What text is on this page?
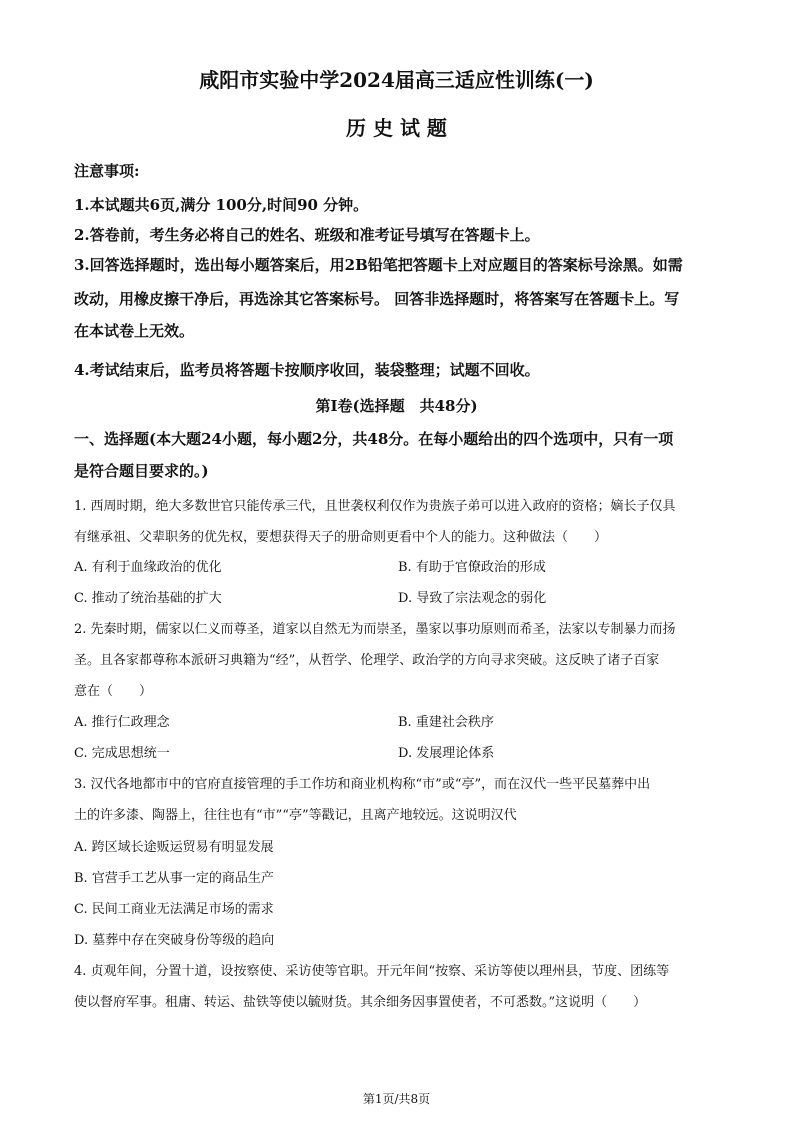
咸阳市实验中学2024届高三适应性训练(一)
历 史 试 题
注意事项:
1.本试题共6页,满分 100分,时间90 分钟。
2.答卷前，考生务必将自己的姓名、班级和准考证号填写在答题卡上。
3.回答选择题时，选出每小题答案后，用2B铅笔把答题卡上对应题目的答案标号涂黑。如需
改动，用橡皮擦干净后，再选涂其它答案标号。 回答非选择题时，将答案写在答题卡上。写
在本试卷上无效。
4.考试结束后，监考员将答题卡按顺序收回，装袋整理；试题不回收。
第Ⅰ卷(选择题　共48分)
一、选择题(本大题24小题，每小题2分，共48分。在每小题给出的四个选项中，只有一项
是符合题目要求的。)
1. 西周时期，绝大多数世官只能传承三代，且世袭权利仅作为贵族子弟可以进入政府的资格；嫡长子仅具
有继承祖、父辈职务的优先权，要想获得天子的册命则更看中个人的能力。这种做法（　　）
A. 有利于血缘政治的优化	B. 有助于官僚政治的形成
C. 推动了统治基础的扩大	D. 导致了宗法观念的弱化
2. 先秦时期，儒家以仁义而尊圣，道家以自然无为而崇圣，墨家以事功原则而希圣，法家以专制暴力而扬
圣。且各家都尊称本派研习典籍为“经”，从哲学、伦理学、政治学的方向寻求突破。这反映了诸子百家
意在（　　）
A. 推行仁政理念	B. 重建社会秩序
C. 完成思想统一	D. 发展理论体系
3. 汉代各地都市中的官府直接管理的手工作坊和商业机构称“市”或“亭”，而在汉代一些平民墓葬中出
土的许多漆、陶器上，往往也有“市”“亭”等戳记，且离产地较远。这说明汉代
A. 跨区域长途贩运贸易有明显发展
B. 官营手工艺从事一定的商品生产
C. 民间工商业无法满足市场的需求
D. 墓葬中存在突破身份等级的趋向
4. 贞观年间，分置十道，设按察使、采访使等官职。开元年间“按察、采访等使以理州县，节度、团练等
使以督府军事。租庸、转运、盐铁等使以毓财货。其余细务因事置使者，不可悉数。”这说明（　　）
第1页/共8页
